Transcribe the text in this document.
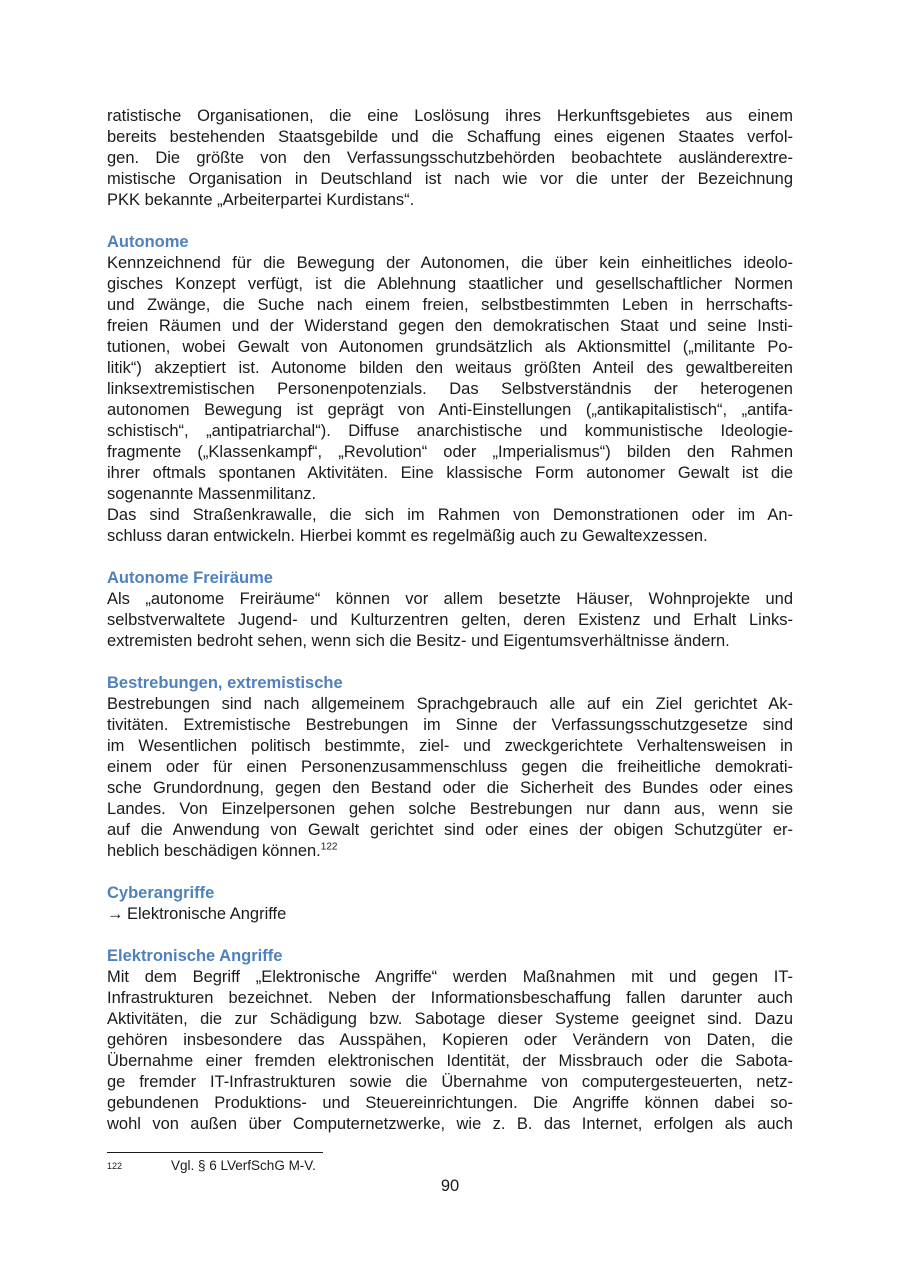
ratistische Organisationen, die eine Loslösung ihres Herkunftsgebietes aus einem

bereits bestehenden Staatsgebilde und die Schaffung eines eigenen Staates verfol-

gen. Die größte von den Verfassungsschutzbehörden beobachtete ausländerextre-

mistische Organisation in Deutschland ist nach wie vor die unter der Bezeichnung

PKK bekannte „Arbeiterpartei Kurdistans“.

Autonome

Kennzeichnend für die Bewegung der Autonomen, die über kein einheitliches ideolo-

gisches Konzept verfügt, ist die Ablehnung staatlicher und gesellschaftlicher Normen

und Zwänge, die Suche nach einem freien, selbstbestimmten Leben in herrschafts-

freien Räumen und der Widerstand gegen den demokratischen Staat und seine Insti-

tutionen, wobei Gewalt von Autonomen grundsätzlich als Aktionsmittel („militante Po-

litik“) akzeptiert ist. Autonome bilden den weitaus größten Anteil des gewaltbereiten

linksextremistischen Personenpotenzials. Das Selbstverständnis der heterogenen

autonomen Bewegung ist geprägt von Anti-Einstellungen („antikapitalistisch“, „antifa-

schistisch“, „antipatriarchal“). Diffuse anarchistische und kommunistische Ideologie-

fragmente („Klassenkampf“, „Revolution“ oder „Imperialismus“) bilden den Rahmen

ihrer oftmals spontanen Aktivitäten. Eine klassische Form autonomer Gewalt ist die

sogenannte Massenmilitanz.

Das sind Straßenkrawalle, die sich im Rahmen von Demonstrationen oder im An-

schluss daran entwickeln. Hierbei kommt es regelmäßig auch zu Gewaltexzessen.

Autonome Freiräume

Als „autonome Freiräume“ können vor allem besetzte Häuser, Wohnprojekte und

selbstverwaltete Jugend- und Kulturzentren gelten, deren Existenz und Erhalt Links-

extremisten bedroht sehen, wenn sich die Besitz- und Eigentumsverhältnisse ändern.

Bestrebungen, extremistische

Bestrebungen sind nach allgemeinem Sprachgebrauch alle auf ein Ziel gerichtet Ak-

tivitäten. Extremistische Bestrebungen im Sinne der Verfassungsschutzgesetze sind

im Wesentlichen politisch bestimmte, ziel- und zweckgerichtete Verhaltensweisen in

einem oder für einen Personenzusammenschluss gegen die freiheitliche demokrati-

sche Grundordnung, gegen den Bestand oder die Sicherheit des Bundes oder eines

Landes. Von Einzelpersonen gehen solche Bestrebungen nur dann aus, wenn sie

auf die Anwendung von Gewalt gerichtet sind oder eines der obigen Schutzgüter er-

heblich beschädigen können.$^{122}$

Cyberangriffe

→ Elektronische Angriffe

Elektronische Angriffe

Mit dem Begriff „Elektronische Angriffe“ werden Maßnahmen mit und gegen IT-

Infrastrukturen bezeichnet. Neben der Informationsbeschaffung fallen darunter auch

Aktivitäten, die zur Schädigung bzw. Sabotage dieser Systeme geeignet sind. Dazu

gehören insbesondere das Ausspähen, Kopieren oder Verändern von Daten, die

Übernahme einer fremden elektronischen Identität, der Missbrauch oder die Sabota-

ge fremder IT-Infrastrukturen sowie die Übernahme von computergesteuerten, netz-

gebundenen Produktions- und Steuereinrichtungen. Die Angriffe können dabei so-

wohl von außen über Computernetzwerke, wie z. B. das Internet, erfolgen als auch

122	Vgl. § 6 LVerfSchG M-V.
90
